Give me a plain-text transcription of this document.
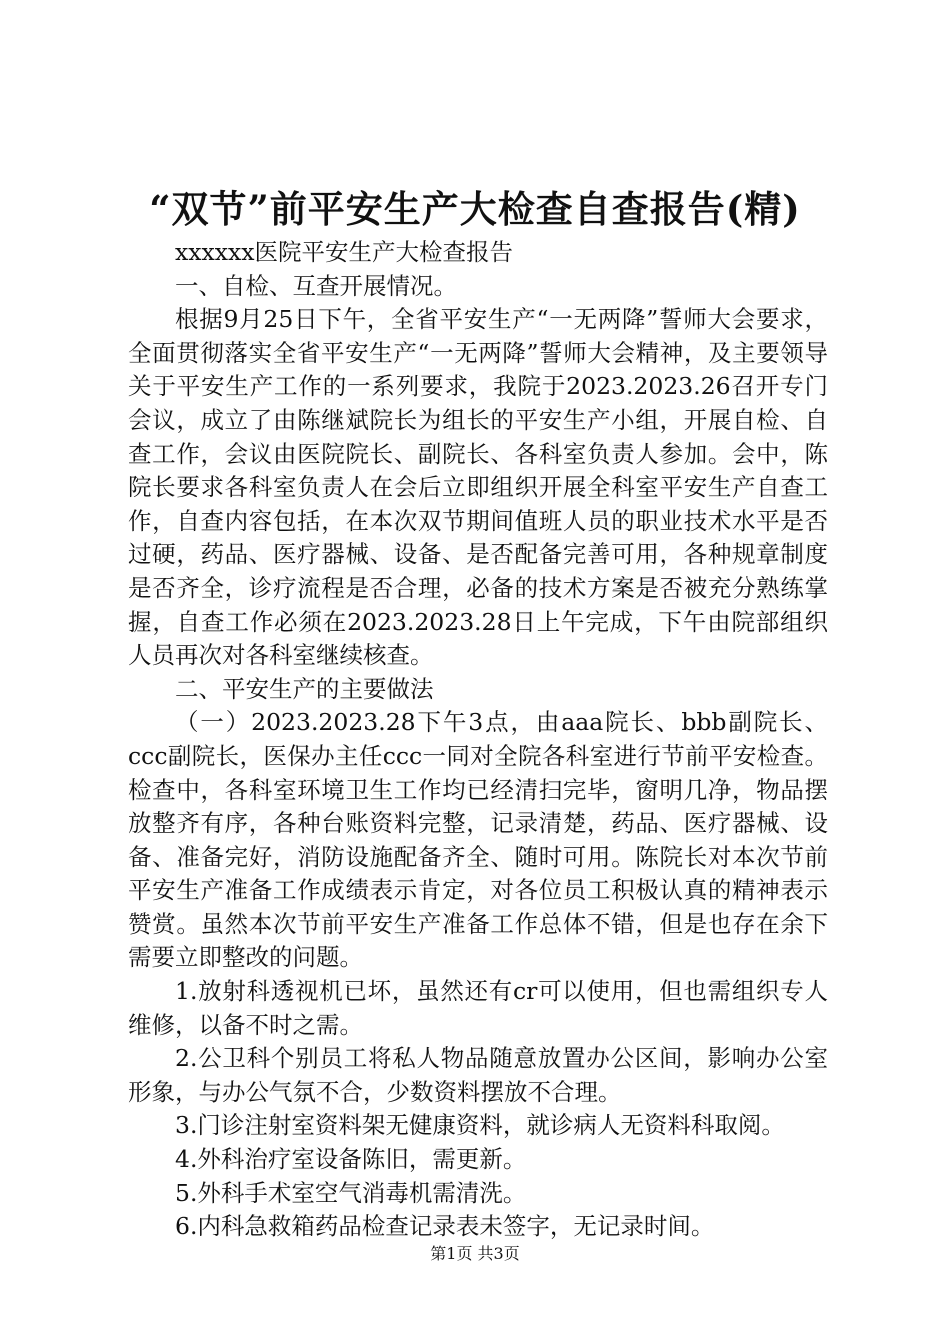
“双节”前平安生产大检查自查报告(精)

xxxxxx医院平安生产大检查报告

一、自检、互查开展情况。

根据9月25日下午，全省平安生产“一无两降”誓师大会要求，全面贯彻落实全省平安生产“一无两降”誓师大会精神，及主要领导关于平安生产工作的一系列要求，我院于2023.2023.26召开专门会议，成立了由陈继斌院长为组长的平安生产小组，开展自检、自查工作，会议由医院院长、副院长、各科室负责人参加。会中，陈院长要求各科室负责人在会后立即组织开展全科室平安生产自查工作，自查内容包括，在本次双节期间值班人员的职业技术水平是否过硬，药品、医疗器械、设备、是否配备完善可用，各种规章制度是否齐全，诊疗流程是否合理，必备的技术方案是否被充分熟练掌握，自查工作必须在2023.2023.28日上午完成，下午由院部组织人员再次对各科室继续核查。

二、平安生产的主要做法

（一）2023.2023.28下午3点，由aaa院长、bbb副院长、ccc副院长，医保办主任ccc一同对全院各科室进行节前平安检查。检查中，各科室环境卫生工作均已经清扫完毕，窗明几净，物品摆放整齐有序，各种台账资料完整，记录清楚，药品、医疗器械、设备、准备完好，消防设施配备齐全、随时可用。陈院长对本次节前平安生产准备工作成绩表示肯定，对各位员工积极认真的精神表示赞赏。虽然本次节前平安生产准备工作总体不错，但是也存在余下需要立即整改的问题。

1.放射科透视机已坏，虽然还有cr可以使用，但也需组织专人维修，以备不时之需。

2.公卫科个别员工将私人物品随意放置办公区间，影响办公室形象，与办公气氛不合，少数资料摆放不合理。

3.门诊注射室资料架无健康资料，就诊病人无资料科取阅。

4.外科治疗室设备陈旧，需更新。

5.外科手术室空气消毒机需清洗。

6.内科急救箱药品检查记录表未签字，无记录时间。

第1页 共3页
